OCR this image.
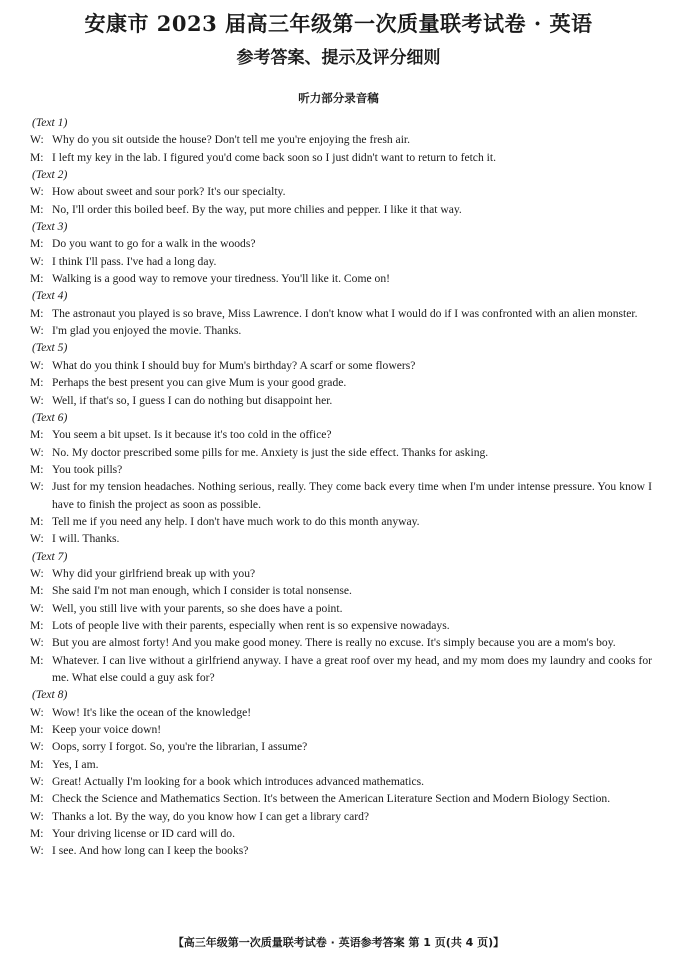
安康市 2023 届高三年级第一次质量联考试卷 · 英语
参考答案、提示及评分细则
听力部分录音稿
(Text 1)
W: Why do you sit outside the house? Don't tell me you're enjoying the fresh air.
M: I left my key in the lab. I figured you'd come back soon so I just didn't want to return to fetch it.
(Text 2)
W: How about sweet and sour pork? It's our specialty.
M: No, I'll order this boiled beef. By the way, put more chilies and pepper. I like it that way.
(Text 3)
M: Do you want to go for a walk in the woods?
W: I think I'll pass. I've had a long day.
M: Walking is a good way to remove your tiredness. You'll like it. Come on!
(Text 4)
M: The astronaut you played is so brave, Miss Lawrence. I don't know what I would do if I was confronted with an alien monster.
W: I'm glad you enjoyed the movie. Thanks.
(Text 5)
W: What do you think I should buy for Mum's birthday? A scarf or some flowers?
M: Perhaps the best present you can give Mum is your good grade.
W: Well, if that's so, I guess I can do nothing but disappoint her.
(Text 6)
M: You seem a bit upset. Is it because it's too cold in the office?
W: No. My doctor prescribed some pills for me. Anxiety is just the side effect. Thanks for asking.
M: You took pills?
W: Just for my tension headaches. Nothing serious, really. They come back every time when I'm under intense pressure. You know I have to finish the project as soon as possible.
M: Tell me if you need any help. I don't have much work to do this month anyway.
W: I will. Thanks.
(Text 7)
W: Why did your girlfriend break up with you?
M: She said I'm not man enough, which I consider is total nonsense.
W: Well, you still live with your parents, so she does have a point.
M: Lots of people live with their parents, especially when rent is so expensive nowadays.
W: But you are almost forty! And you make good money. There is really no excuse. It's simply because you are a mom's boy.
M: Whatever. I can live without a girlfriend anyway. I have a great roof over my head, and my mom does my laundry and cooks for me. What else could a guy ask for?
(Text 8)
W: Wow! It's like the ocean of the knowledge!
M: Keep your voice down!
W: Oops, sorry I forgot. So, you're the librarian, I assume?
M: Yes, I am.
W: Great! Actually I'm looking for a book which introduces advanced mathematics.
M: Check the Science and Mathematics Section. It's between the American Literature Section and Modern Biology Section.
W: Thanks a lot. By the way, do you know how I can get a library card?
M: Your driving license or ID card will do.
W: I see. And how long can I keep the books?
【高三年级第一次质量联考试卷 · 英语参考答案 第 1 页(共 4 页)】
